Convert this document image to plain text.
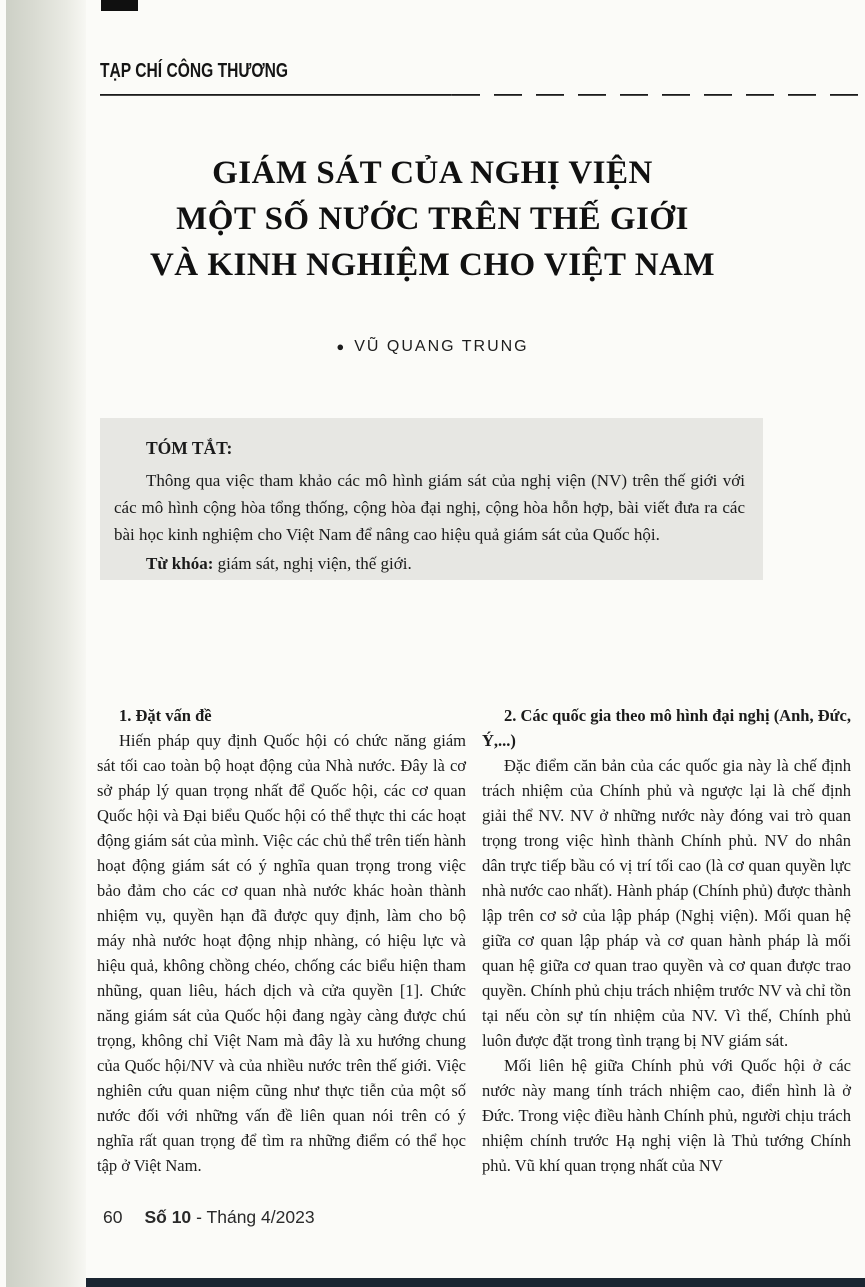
TẠP CHÍ CÔNG THƯƠNG
GIÁM SÁT CỦA NGHỊ VIỆN
MỘT SỐ NƯỚC TRÊN THẾ GIỚI
VÀ KINH NGHIỆM CHO VIỆT NAM
● VŨ QUANG TRUNG
TÓM TẮT:

Thông qua việc tham khảo các mô hình giám sát của nghị viện (NV) trên thế giới với các mô hình cộng hòa tổng thống, cộng hòa đại nghị, cộng hòa hỗn hợp, bài viết đưa ra các bài học kinh nghiệm cho Việt Nam để nâng cao hiệu quả giám sát của Quốc hội.

Từ khóa: giám sát, nghị viện, thế giới.

1. Đặt vấn đề

Hiến pháp quy định Quốc hội có chức năng giám sát tối cao toàn bộ hoạt động của Nhà nước. Đây là cơ sở pháp lý quan trọng nhất để Quốc hội, các cơ quan Quốc hội và Đại biểu Quốc hội có thể thực thi các hoạt động giám sát của mình. Việc các chủ thể trên tiến hành hoạt động giám sát có ý nghĩa quan trọng trong việc bảo đảm cho các cơ quan nhà nước khác hoàn thành nhiệm vụ, quyền hạn đã được quy định, làm cho bộ máy nhà nước hoạt động nhịp nhàng, có hiệu lực và hiệu quả, không chồng chéo, chống các biểu hiện tham nhũng, quan liêu, hách dịch và cửa quyền [1]. Chức năng giám sát của Quốc hội đang ngày càng được chú trọng, không chỉ Việt Nam mà đây là xu hướng chung của Quốc hội/NV và của nhiều nước trên thế giới. Việc nghiên cứu quan niệm cũng như thực tiễn của một số nước đối với những vấn đề liên quan nói trên có ý nghĩa rất quan trọng để tìm ra những điểm có thể học tập ở Việt Nam.

2. Các quốc gia theo mô hình đại nghị (Anh, Đức, Ý,...)

Đặc điểm căn bản của các quốc gia này là chế định trách nhiệm của Chính phủ và ngược lại là chế định giải thể NV. NV ở những nước này đóng vai trò quan trọng trong việc hình thành Chính phủ. NV do nhân dân trực tiếp bầu có vị trí tối cao (là cơ quan quyền lực nhà nước cao nhất). Hành pháp (Chính phủ) được thành lập trên cơ sở của lập pháp (Nghị viện). Mối quan hệ giữa cơ quan lập pháp và cơ quan hành pháp là mối quan hệ giữa cơ quan trao quyền và cơ quan được trao quyền. Chính phủ chịu trách nhiệm trước NV và chỉ tồn tại nếu còn sự tín nhiệm của NV. Vì thế, Chính phủ luôn được đặt trong tình trạng bị NV giám sát.

Mối liên hệ giữa Chính phủ với Quốc hội ở các nước này mang tính trách nhiệm cao, điển hình là ở Đức. Trong việc điều hành Chính phủ, người chịu trách nhiệm chính trước Hạ nghị viện là Thủ tướng Chính phủ. Vũ khí quan trọng nhất của NV

60 Số 10 - Tháng 4/2023
